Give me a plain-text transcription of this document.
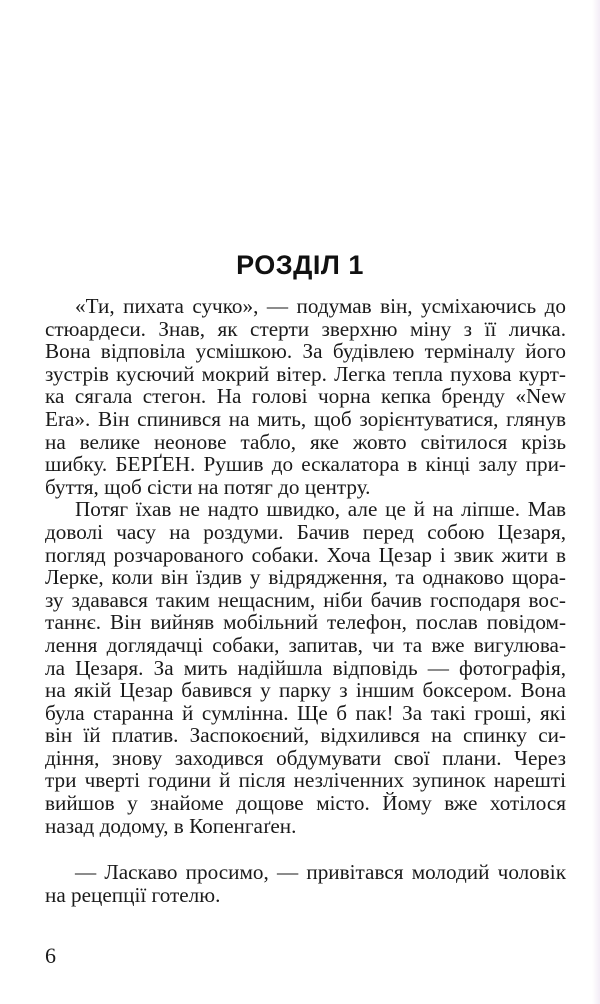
РОЗДІЛ 1
«Ти, пихата сучко», — подумав він, усміхаючись до
стюардеси. Знав, як стерти зверхню міну з її личка.
Вона відповіла усмішкою. За будівлею терміналу його
зустрів кусючий мокрий вітер. Легка тепла пухова курт-
ка сягала стегон. На голові чорна кепка бренду «New
Era». Він спинився на мить, щоб зорієнтуватися, глянув
на велике неонове табло, яке жовто світилося крізь
шибку. БЕРҐЕН. Рушив до ескалатора в кінці залу при-
буття, щоб сісти на потяг до центру.
Потяг їхав не надто швидко, але це й на ліпше. Мав
доволі часу на роздуми. Бачив перед собою Цезаря,
погляд розчарованого собаки. Хоча Цезар і звик жити в
Лерке, коли він їздив у відрядження, та однаково щора-
зу здавався таким нещасним, ніби бачив господаря вос-
таннє. Він вийняв мобільний телефон, послав повідом-
лення доглядачці собаки, запитав, чи та вже вигулюва-
ла Цезаря. За мить надійшла відповідь — фотографія,
на якій Цезар бавився у парку з іншим боксером. Вона
була старанна й сумлінна. Ще б пак! За такі гроші, які
він їй платив. Заспокоєний, відхилився на спинку си-
діння, знову заходився обдумувати свої плани. Через
три чверті години й після незліченних зупинок нарешті
вийшов у знайоме дощове місто. Йому вже хотілося
назад додому, в Копенгаґен.
— Ласкаво просимо, — привітався молодий чоловік
на рецепції готелю.
6
